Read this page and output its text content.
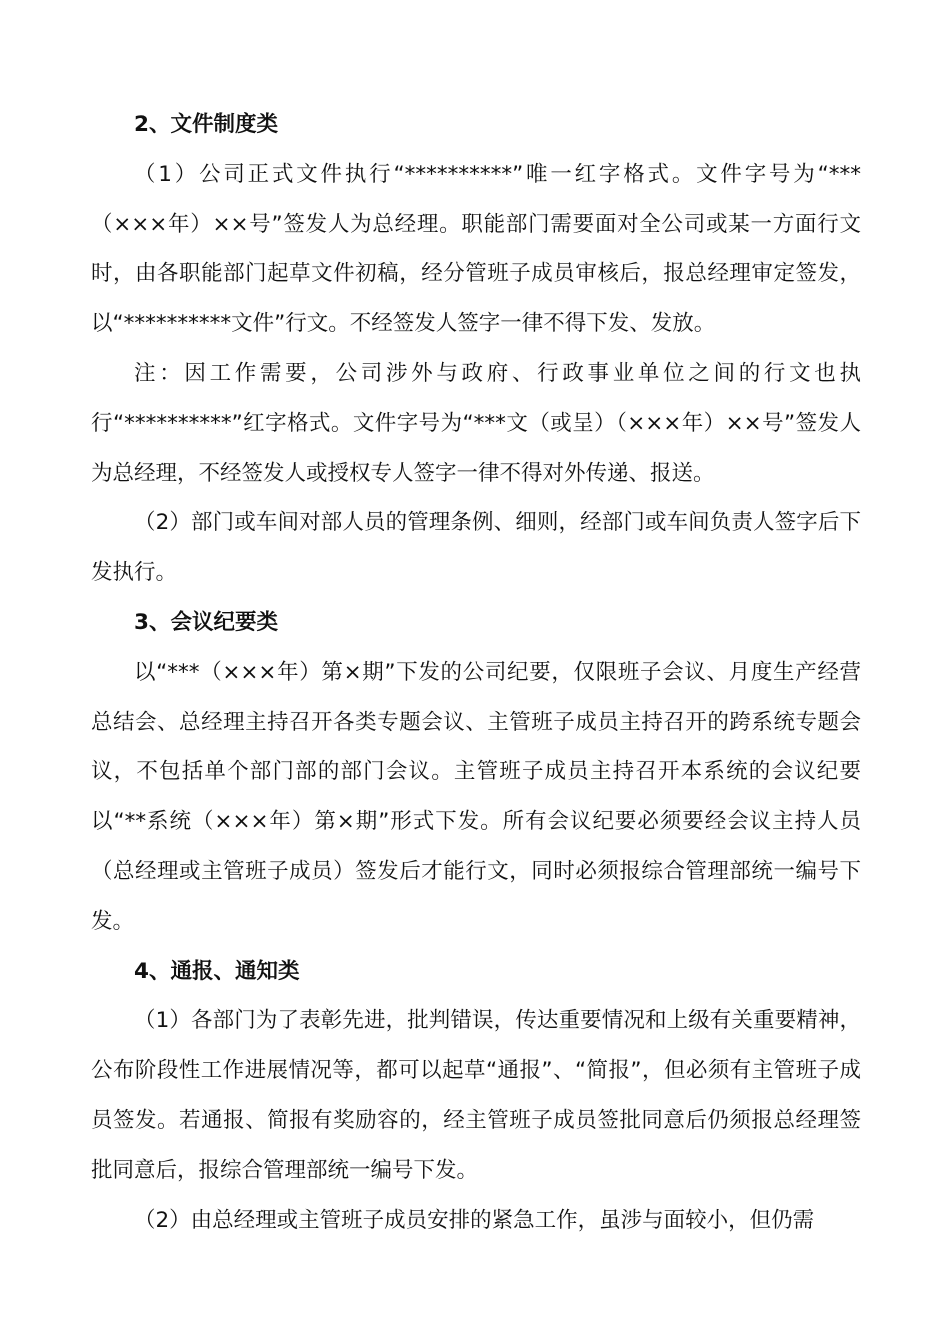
2、文件制度类

（1）公司正式文件执行“**********”唯一红字格式。文件字号为“***（×××年）××号”签发人为总经理。职能部门需要面对全公司或某一方面行文时，由各职能部门起草文件初稿，经分管班子成员审核后，报总经理审定签发，以“**********文件”行文。不经签发人签字一律不得下发、发放。

注：因工作需要，公司涉外与政府、行政事业单位之间的行文也执行“**********”红字格式。文件字号为“***文（或呈）（×××年）××号”签发人为总经理，不经签发人或授权专人签字一律不得对外传递、报送。

（2）部门或车间对部人员的管理条例、细则，经部门或车间负责人签字后下发执行。

3、会议纪要类

以“***（×××年）第×期”下发的公司纪要，仅限班子会议、月度生产经营总结会、总经理主持召开各类专题会议、主管班子成员主持召开的跨系统专题会议，不包括单个部门部的部门会议。主管班子成员主持召开本系统的会议纪要以“**系统（×××年）第×期”形式下发。所有会议纪要必须要经会议主持人员（总经理或主管班子成员）签发后才能行文，同时必须报综合管理部统一编号下发。

4、通报、通知类

（1）各部门为了表彰先进，批判错误，传达重要情况和上级有关重要精神，公布阶段性工作进展情况等，都可以起草“通报”、“简报”，但必须有主管班子成员签发。若通报、简报有奖励容的，经主管班子成员签批同意后仍须报总经理签批同意后，报综合管理部统一编号下发。

（2）由总经理或主管班子成员安排的紧急工作，虽涉与面较小，但仍需
